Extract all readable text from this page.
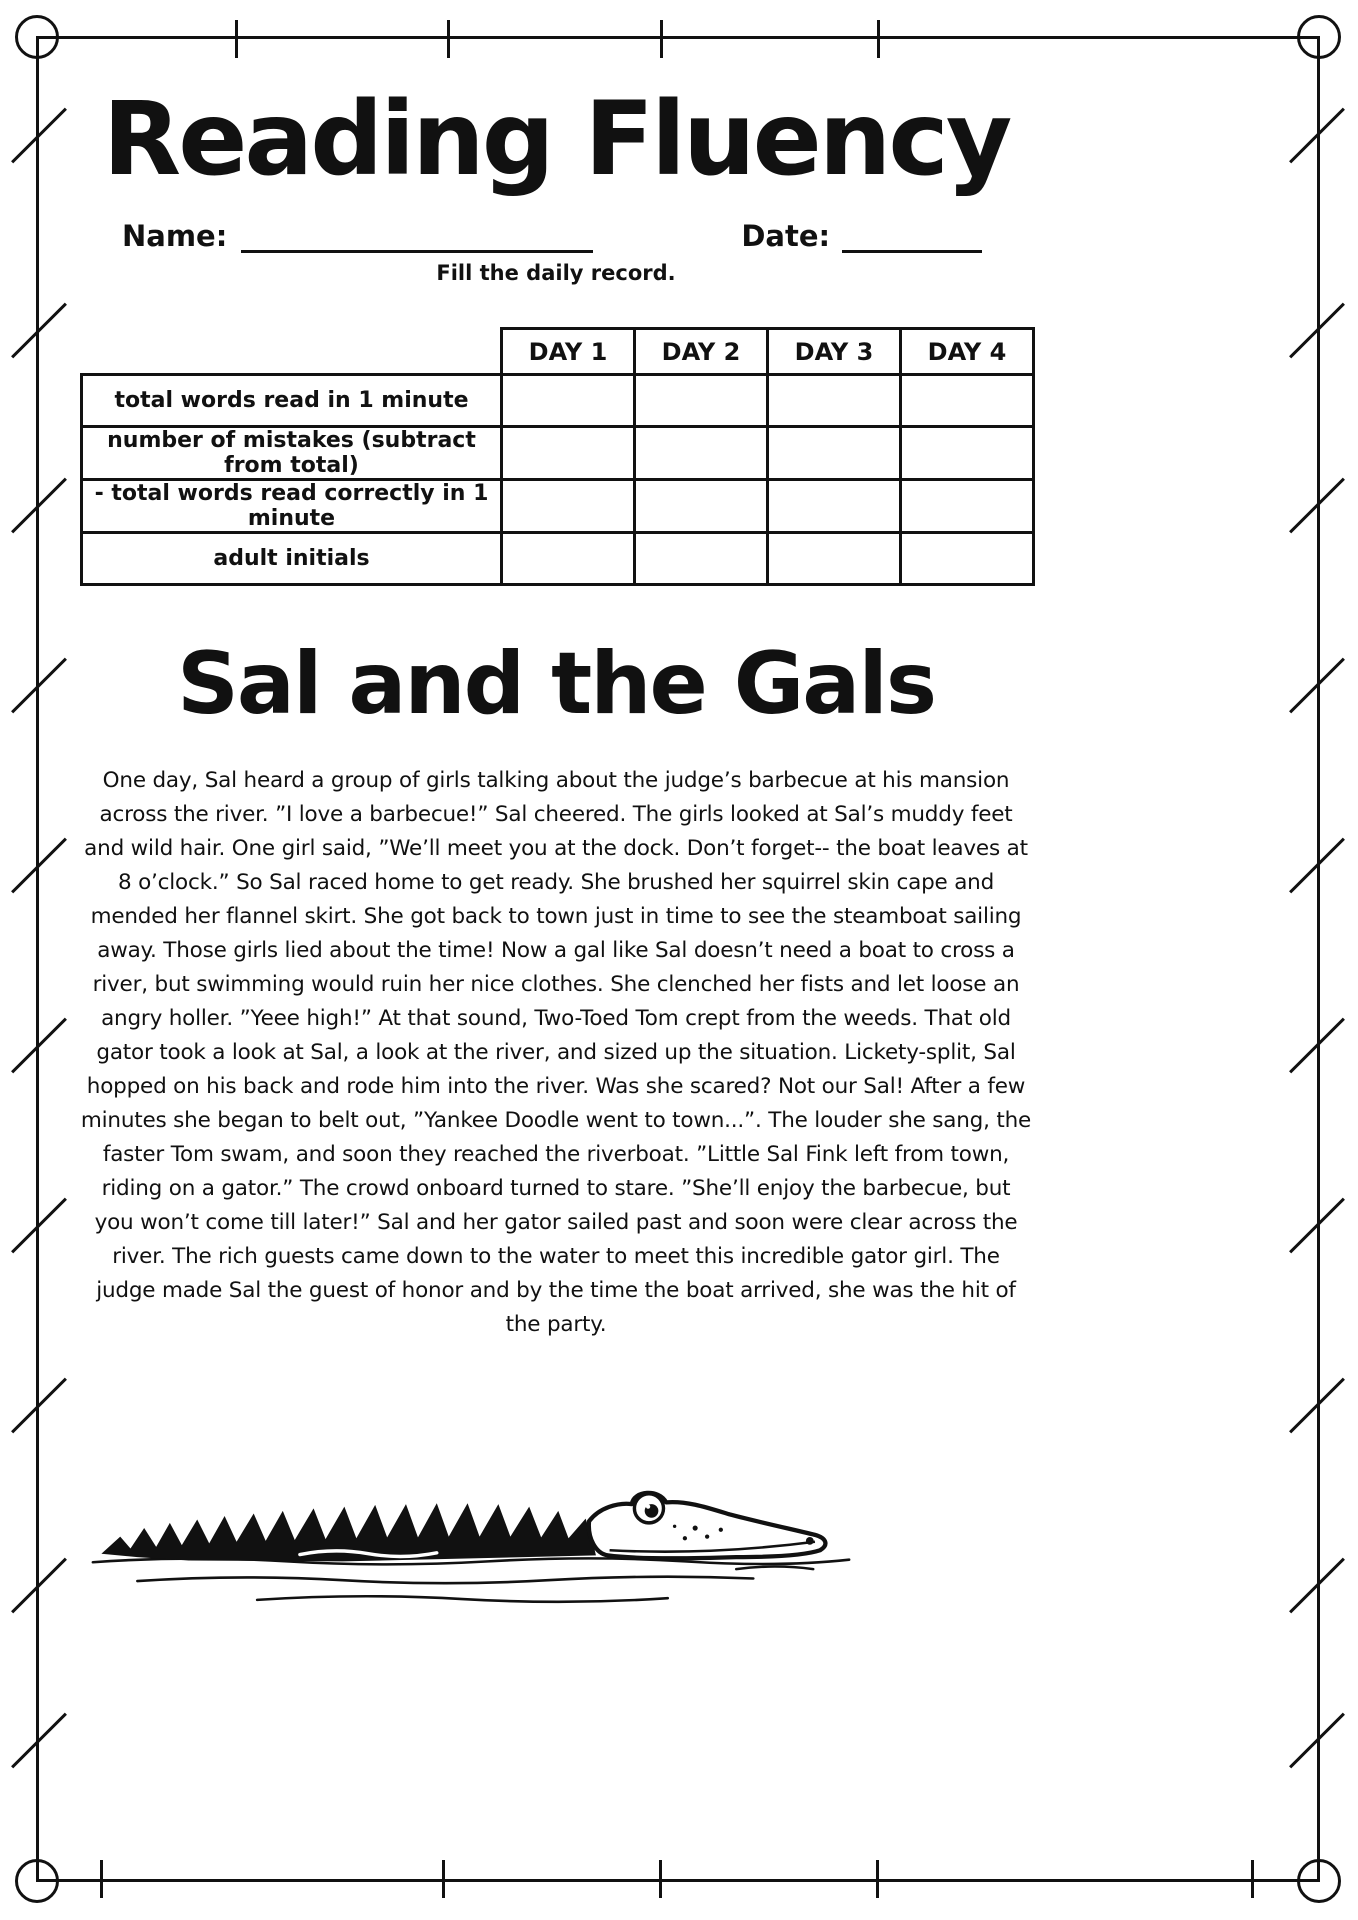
Reading Fluency
Name:	Date:
Fill the daily record.
	DAY 1	DAY 2	DAY 3	DAY 4
total words read in 1 minute				
number of mistakes (subtract from total)				
- total words read correctly in 1 minute				
adult initials				
Sal and the Gals

One day, Sal heard a group of girls talking about the judge’s barbecue at his mansion across the river. ”I love a barbecue!” Sal cheered. The girls looked at Sal’s muddy feet and wild hair. One girl said, ”We’ll meet you at the dock. Don’t forget-- the boat leaves at 8 o’clock.” So Sal raced home to get ready. She brushed her squirrel skin cape and mended her flannel skirt. She got back to town just in time to see the steamboat sailing away. Those girls lied about the time! Now a gal like Sal doesn’t need a boat to cross a river, but swimming would ruin her nice clothes. She clenched her fists and let loose an angry holler. ”Yeee high!” At that sound, Two-Toed Tom crept from the weeds. That old gator took a look at Sal, a look at the river, and sized up the situation. Lickety-split, Sal hopped on his back and rode him into the river. Was she scared? Not our Sal! After a few minutes she began to belt out, ”Yankee Doodle went to town...”. The louder she sang, the faster Tom swam, and soon they reached the riverboat. ”Little Sal Fink left from town, riding on a gator.” The crowd onboard turned to stare. ”She’ll enjoy the barbecue, but you won’t come till later!” Sal and her gator sailed past and soon were clear across the river. The rich guests came down to the water to meet this incredible gator girl. The judge made Sal the guest of honor and by the time the boat arrived, she was the hit of the party.
